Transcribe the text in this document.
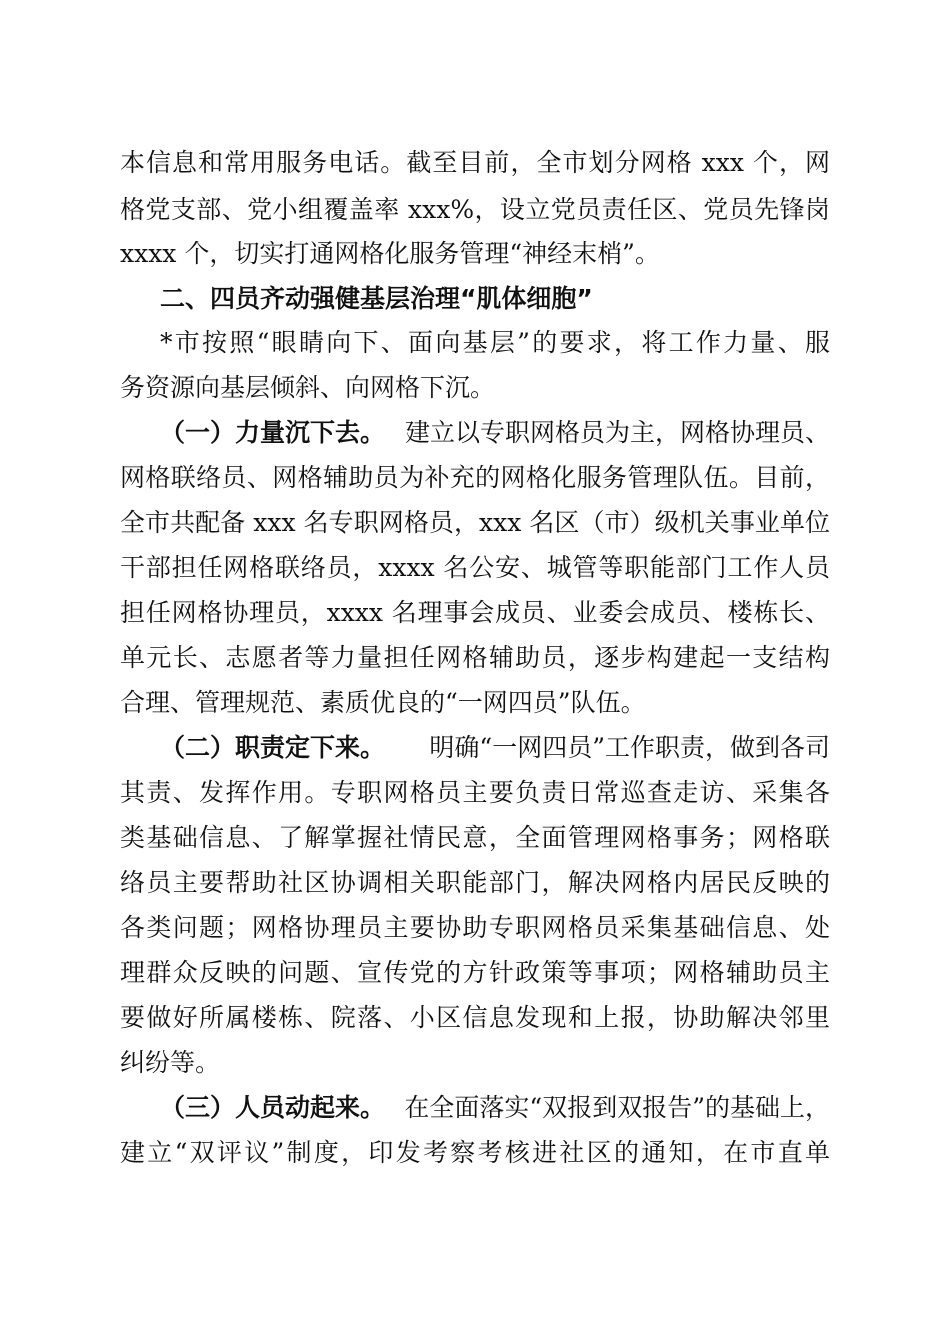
本信息和常用服务电话。截至目前，全市划分网格 xxx 个，网
格党支部、党小组覆盖率 xxx%，设立党员责任区、党员先锋岗
xxxx 个，切实打通网格化服务管理“神经末梢”。
二、四员齐动强健基层治理“肌体细胞”
*市按照“眼睛向下、面向基层”的要求，将工作力量、服
务资源向基层倾斜、向网格下沉。
（一）力量沉下去。 建立以专职网格员为主，网格协理员、
网格联络员、网格辅助员为补充的网格化服务管理队伍。目前，
全市共配备 xxx 名专职网格员，xxx 名区（市）级机关事业单位
干部担任网格联络员，xxxx 名公安、城管等职能部门工作人员
担任网格协理员，xxxx 名理事会成员、业委会成员、楼栋长、
单元长、志愿者等力量担任网格辅助员，逐步构建起一支结构
合理、管理规范、素质优良的“一网四员”队伍。
（二）职责定下来。 明确“一网四员”工作职责，做到各司
其责、发挥作用。专职网格员主要负责日常巡查走访、采集各
类基础信息、了解掌握社情民意，全面管理网格事务；网格联
络员主要帮助社区协调相关职能部门，解决网格内居民反映的
各类问题；网格协理员主要协助专职网格员采集基础信息、处
理群众反映的问题、宣传党的方针政策等事项；网格辅助员主
要做好所属楼栋、院落、小区信息发现和上报，协助解决邻里
纠纷等。
（三）人员动起来。 在全面落实“双报到双报告”的基础上，
建立“双评议”制度，印发考察考核进社区的通知，在市直单
